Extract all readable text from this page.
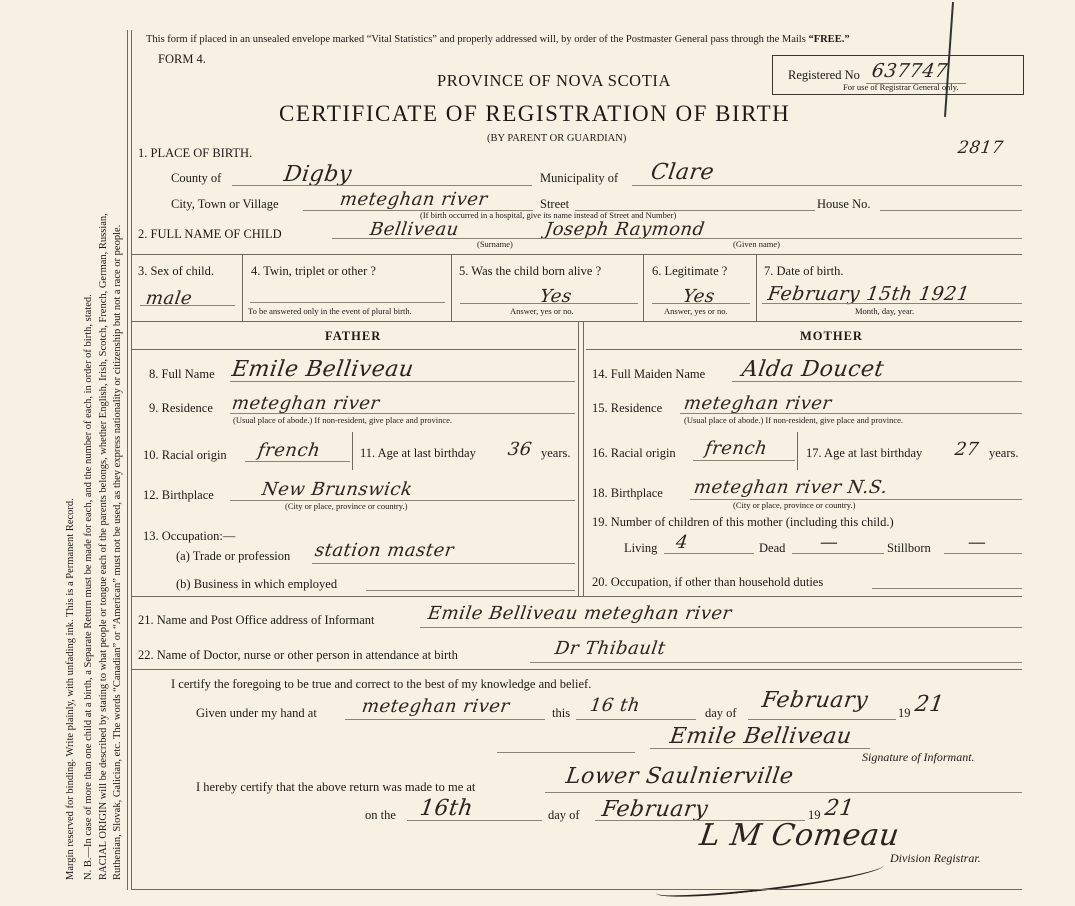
Margin reserved for binding. Write plainly, with unfading ink. This is a Permanent Record. N. B.—In case of more than one child at a birth, a Separate Return must be made for each, and the number of each, in order of birth, stated. RACIAL ORIGIN will be described by stating to what people or tongue each of the parents belongs, whether English, Irish, Scotch, French, German, Russian, Ruthenian, Slovak, Galician, etc. The words “Canadian” or “American” must not be used, as they express nationality or citizenship but not a race or people.
This form if placed in an unsealed envelope marked “Vital Statistics” and properly addressed will, by order of the Postmaster General pass through the Mails “FREE.”
FORM 4.
Registered No 637747
For use of Registrar General only.
2817
PROVINCE OF NOVA SCOTIA
CERTIFICATE OF REGISTRATION OF BIRTH
(BY PARENT OR GUARDIAN)
1. PLACE OF BIRTH.
County of	Digby	Municipality of Clare
City, Town or Village	meteghan river	Street	House No.
(If birth occurred in a hospital, give its name instead of Street and Number)
2. FULL NAME OF CHILD	Belliveau	Joseph Raymond
(Surname)	(Given name)
3. Sex of child.
male
4. Twin, triplet or other ?
To be answered only in the event of plural birth.
5. Was the child born alive ?
Yes
Answer, yes or no.
6. Legitimate ?
Yes
Answer, yes or no.
7. Date of birth.
February 15th 1921
Month, day, year.
FATHER	MOTHER
8. Full Name Emile Belliveau
9. Residence meteghan river
(Usual place of abode.) If non-resident, give place and province.
10. Racial origin french	11. Age at last birthday 36 years.
12. Birthplace	New Brunswick
(City or place, province or country.)
13. Occupation:—
(a) Trade or profession station master
(b) Business in which employed
14. Full Maiden Name Alda Doucet
15. Residence meteghan river
(Usual place of abode.) If non-resident, give place and province.
16. Racial origin french	17. Age at last birthday 27 years.
18. Birthplace meteghan river N.S.
(City or place, province or country.)
19. Number of children of this mother (including this child.)
Living 4	Dead —	Stillborn —
20. Occupation, if other than household duties
21. Name and Post Office address of Informant	Emile Belliveau meteghan river
22. Name of Doctor, nurse or other person in attendance at birth	Dr Thibault
I certify the foregoing to be true and correct to the best of my knowledge and belief.
Given under my hand at meteghan river	this 16 th	day of February 19 21
Emile Belliveau
Signature of Informant.
I hereby certify that the above return was made to me at	Lower Saulnierville
on the 16th	day of February	19 21
L M Comeau
Division Registrar.
